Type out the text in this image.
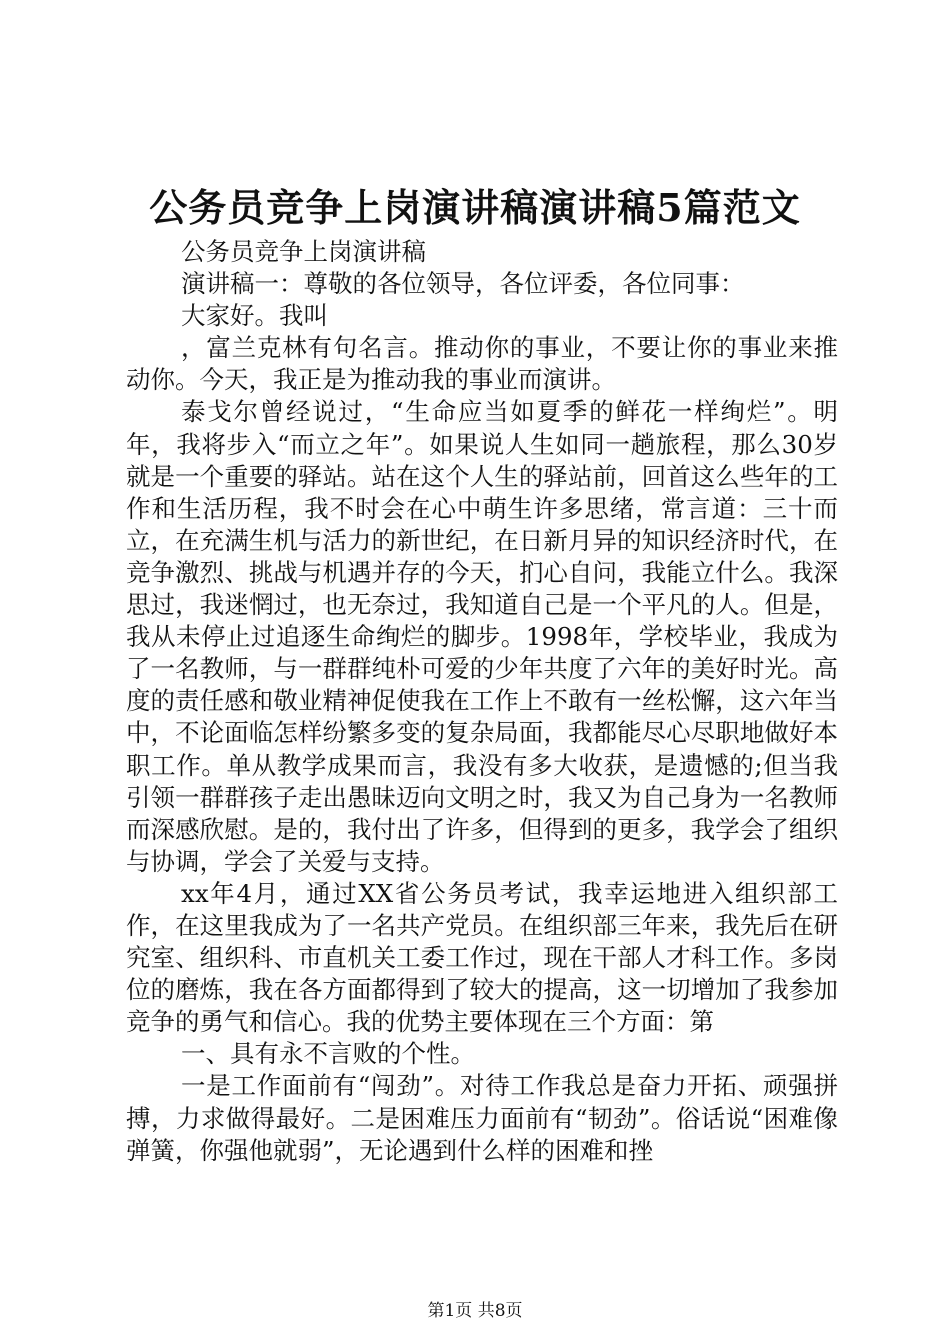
公务员竞争上岗演讲稿演讲稿5篇范文

公务员竞争上岗演讲稿

演讲稿一：尊敬的各位领导，各位评委，各位同事：

大家好。我叫

，富兰克林有句名言。推动你的事业，不要让你的事业来推动你。今天，我正是为推动我的事业而演讲。

泰戈尔曾经说过，“生命应当如夏季的鲜花一样绚烂”。明年，我将步入“而立之年”。如果说人生如同一趟旅程，那么30岁就是一个重要的驿站。站在这个人生的驿站前，回首这么些年的工作和生活历程，我不时会在心中萌生许多思绪，常言道：三十而立，在充满生机与活力的新世纪，在日新月异的知识经济时代，在竞争激烈、挑战与机遇并存的今天，扪心自问，我能立什么。我深思过，我迷惘过，也无奈过，我知道自己是一个平凡的人。但是，我从未停止过追逐生命绚烂的脚步。1998年，学校毕业，我成为了一名教师，与一群群纯朴可爱的少年共度了六年的美好时光。高度的责任感和敬业精神促使我在工作上不敢有一丝松懈，这六年当中，不论面临怎样纷繁多变的复杂局面，我都能尽心尽职地做好本职工作。单从教学成果而言，我没有多大收获，是遗憾的;但当我引领一群群孩子走出愚昧迈向文明之时，我又为自己身为一名教师而深感欣慰。是的，我付出了许多，但得到的更多，我学会了组织与协调，学会了关爱与支持。

xx年4月，通过XX省公务员考试，我幸运地进入组织部工作，在这里我成为了一名共产党员。在组织部三年来，我先后在研究室、组织科、市直机关工委工作过，现在干部人才科工作。多岗位的磨炼，我在各方面都得到了较大的提高，这一切增加了我参加竞争的勇气和信心。我的优势主要体现在三个方面：第

一、具有永不言败的个性。

一是工作面前有“闯劲”。对待工作我总是奋力开拓、顽强拼搏，力求做得最好。二是困难压力面前有“韧劲”。俗话说“困难像弹簧，你强他就弱”，无论遇到什么样的困难和挫

第1页 共8页
